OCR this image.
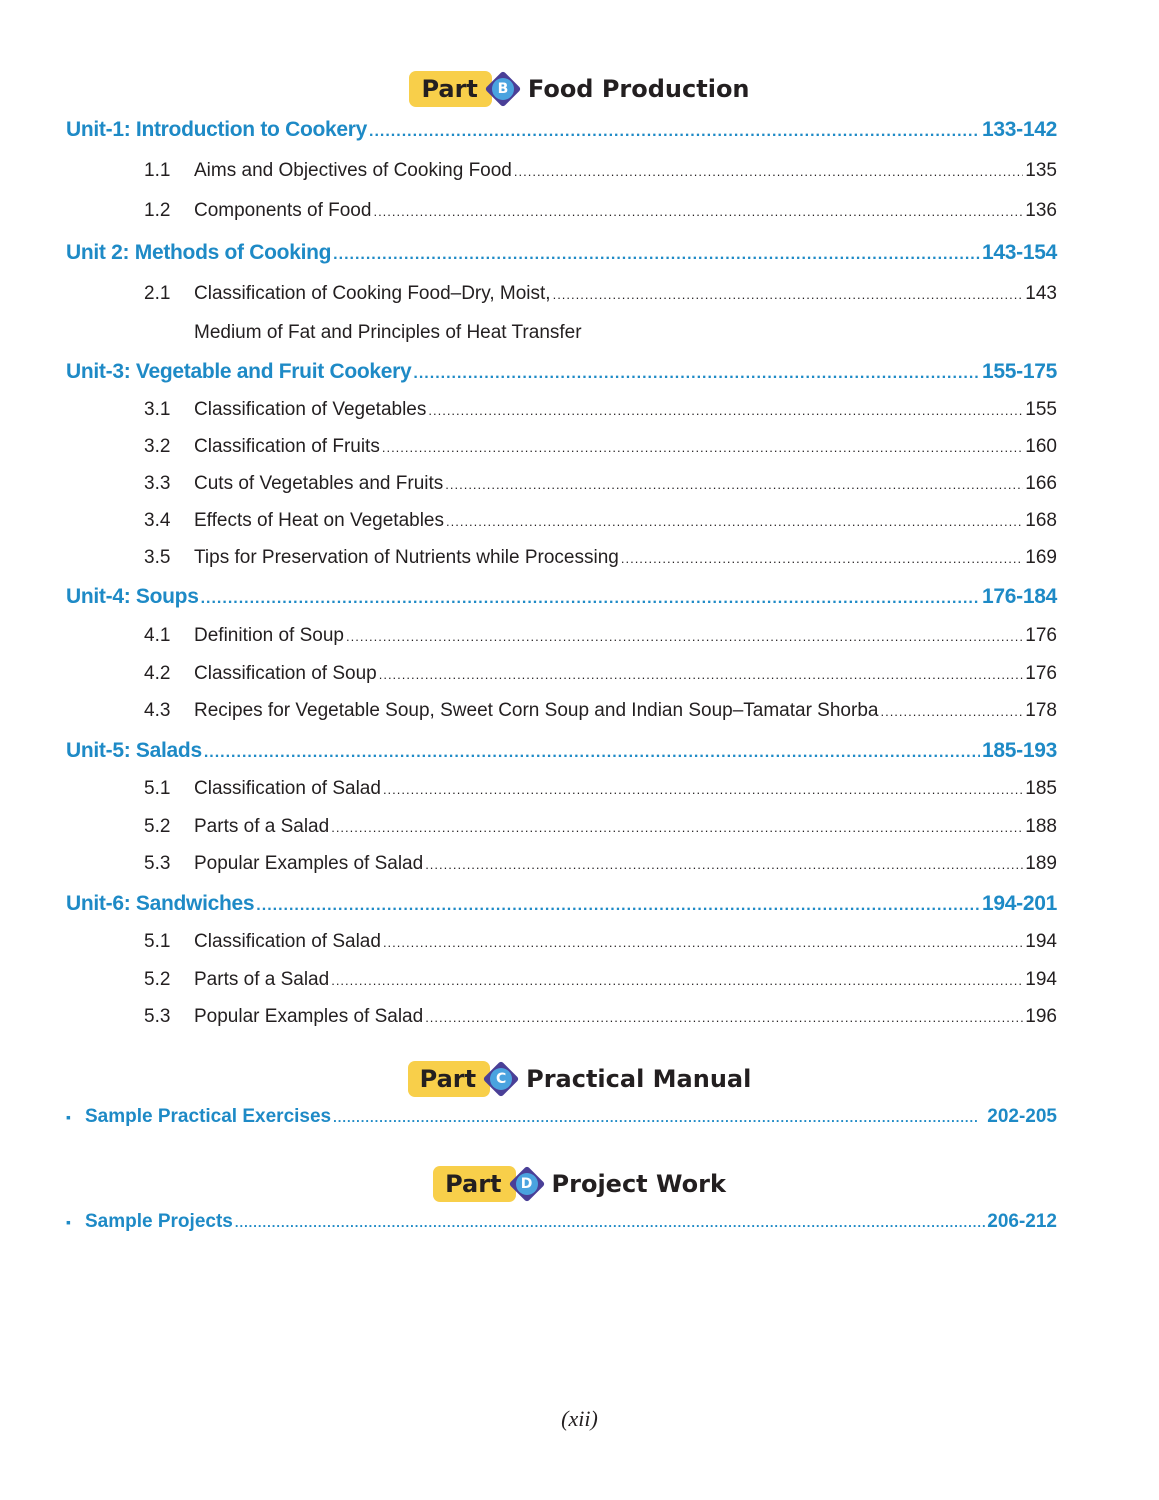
Part	B Food Production
Unit-1: Introduction to Cookery .....	133-142
1.1	Aims and Objectives of Cooking Food .....	135
1.2	Components of Food .....	136
Unit 2: Methods of Cooking .....	143-154
2.1	Classification of Cooking Food–Dry, Moist, .....	143
Medium of Fat and Principles of Heat Transfer
Unit-3: Vegetable and Fruit Cookery .....	155-175
3.1	Classification of Vegetables .....	155
3.2	Classification of Fruits .....	160
3.3	Cuts of Vegetables and Fruits .....	166
3.4	Effects of Heat on Vegetables .....	168
3.5	Tips for Preservation of Nutrients while Processing .....	169
Unit-4: Soups .....	176-184
4.1	Definition of Soup .....	176
4.2	Classification of Soup .....	176
4.3	Recipes for Vegetable Soup, Sweet Corn Soup and Indian Soup–Tamatar Shorba .....	178
Unit-5: Salads .....	185-193
5.1	Classification of Salad .....	185
5.2	Parts of a Salad .....	188
5.3	Popular Examples of Salad .....	189
Unit-6: Sandwiches .....	194-201
5.1	Classification of Salad .....	194
5.2	Parts of a Salad .....	194
5.3	Popular Examples of Salad .....	196
Part	C Practical Manual
▪ Sample Practical Exercises .....	202-205
Part	D Project Work
▪ Sample Projects .....	206-212
(xii)
